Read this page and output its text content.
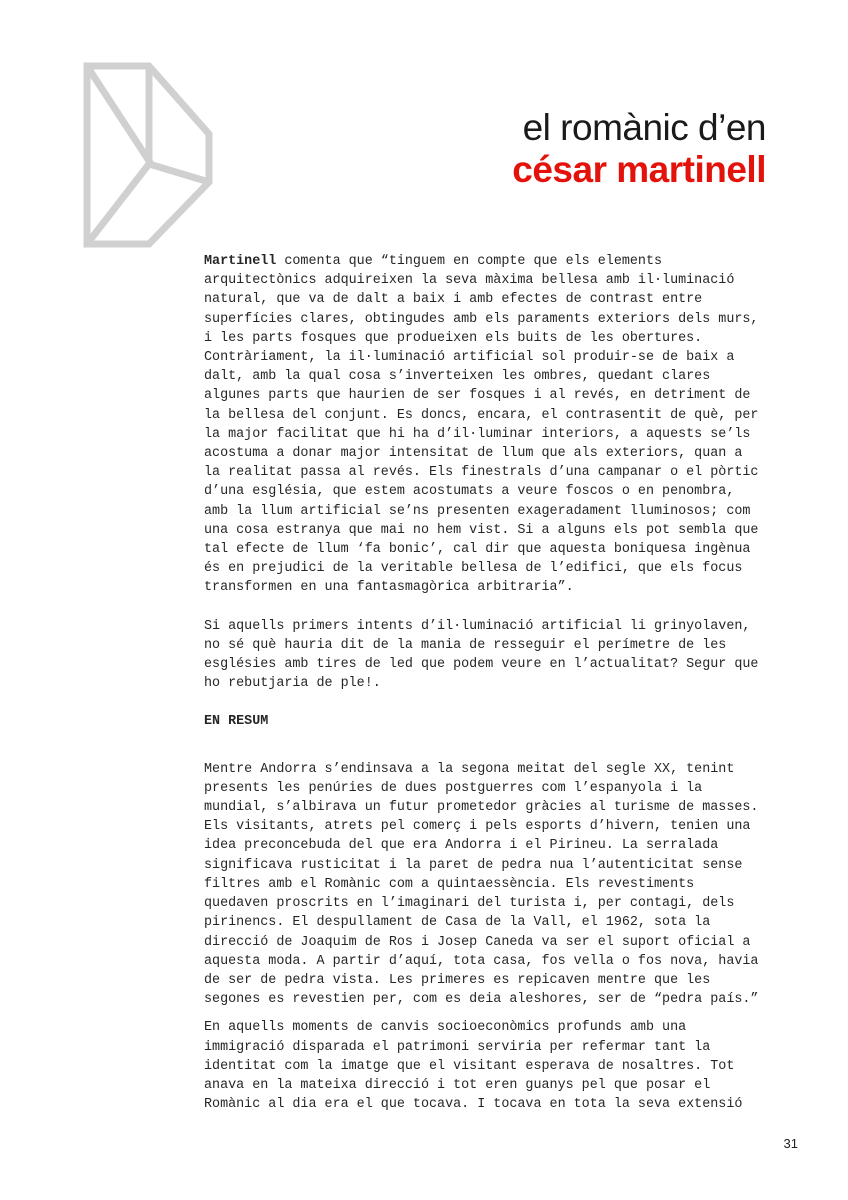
el romànic d’en
césar martinell

Martinell comenta que “tinguem en compte que els elements

arquitectònics adquireixen la seva màxima bellesa amb il·luminació

natural, que va de dalt a baix i amb efectes de contrast entre

superfícies clares, obtingudes amb els paraments exteriors dels murs,

i les parts fosques que produeixen els buits de les obertures.

Contràriament, la il·luminació artificial sol produir-se de baix a

dalt, amb la qual cosa s’inverteixen les ombres, quedant clares

algunes parts que haurien de ser fosques i al revés, en detriment de

la bellesa del conjunt. Es doncs, encara, el contrasentit de què, per

la major facilitat que hi ha d’il·luminar interiors, a aquests se’ls

acostuma a donar major intensitat de llum que als exteriors, quan a

la realitat passa al revés. Els finestrals d’una campanar o el pòrtic

d’una església, que estem acostumats a veure foscos o en penombra,

amb la llum artificial se’ns presenten exageradament lluminosos; com

una cosa estranya que mai no hem vist. Si a alguns els pot sembla que

tal efecte de llum ‘fa bonic’, cal dir que aquesta boniquesa ingènua

és en prejudici de la veritable bellesa de l’edifici, que els focus

transformen en una fantasmagòrica arbitraria”.

Si aquells primers intents d’il·luminació artificial li grinyolaven,

no sé què hauria dit de la mania de resseguir el perímetre de les

esglésies amb tires de led que podem veure en l’actualitat? Segur que

ho rebutjaria de ple!.

EN RESUM

Mentre Andorra s’endinsava a la segona meitat del segle XX, tenint

presents les penúries de dues postguerres com l’espanyola i la

mundial, s’albirava un futur prometedor gràcies al turisme de masses.

Els visitants, atrets pel comerç i pels esports d’hivern, tenien una

idea preconcebuda del que era Andorra i el Pirineu. La serralada

significava rusticitat i la paret de pedra nua l’autenticitat sense

filtres amb el Romànic com a quintaessència. Els revestiments

quedaven proscrits en l’imaginari del turista i, per contagi, dels

pirinencs. El despullament de Casa de la Vall, el 1962, sota la

direcció de Joaquim de Ros i Josep Caneda va ser el suport oficial a

aquesta moda. A partir d’aquí, tota casa, fos vella o fos nova, havia

de ser de pedra vista. Les primeres es repicaven mentre que les

segones es revestien per, com es deia aleshores, ser de “pedra país.”

En aquells moments de canvis socioeconòmics profunds amb una

immigració disparada el patrimoni serviria per refermar tant la

identitat com la imatge que el visitant esperava de nosaltres. Tot

anava en la mateixa direcció i tot eren guanys pel que posar el

Romànic al dia era el que tocava. I tocava en tota la seva extensió

31
